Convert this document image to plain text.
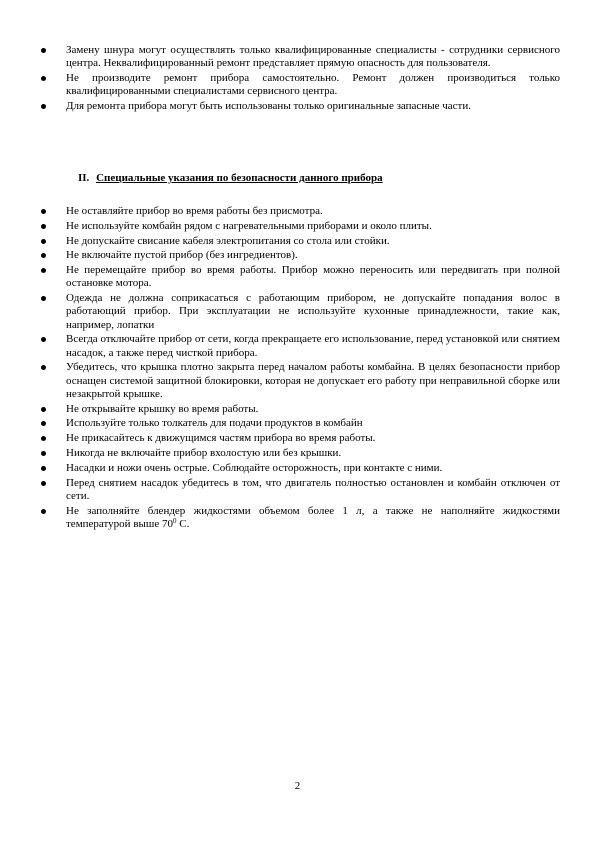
Замену шнура могут осуществлять только квалифицированные специалисты - сотрудники сервисного центра. Неквалифицированный ремонт представляет прямую опасность для пользователя.
Не производите ремонт прибора самостоятельно. Ремонт должен производиться только квалифицированными специалистами сервисного центра.
Для ремонта прибора могут быть использованы только оригинальные запасные части.
II. Специальные указания по безопасности данного прибора
Не оставляйте прибор во время работы без присмотра.
Не используйте комбайн рядом с нагревательными приборами и около плиты.
Не допускайте свисание кабеля электропитания со стола или стойки.
Не включайте пустой прибор (без ингредиентов).
Не перемещайте прибор во время работы. Прибор можно переносить или передвигать при полной остановке мотора.
Одежда не должна соприкасаться с работающим прибором, не допускайте попадания волос в работающий прибор. При эксплуатации не используйте кухонные принадлежности, такие как, например, лопатки
Всегда отключайте прибор от сети, когда прекращаете его использование, перед установкой или снятием насадок, а также перед чисткой прибора.
Убедитесь, что крышка плотно закрыта перед началом работы комбайна. В целях безопасности прибор оснащен системой защитной блокировки, которая не допускает его работу при неправильной сборке или незакрытой крышке.
Не открывайте крышку во время работы.
Используйте только толкатель для подачи продуктов в комбайн
Не прикасайтесь к движущимся частям прибора во время работы.
Никогда не включайте прибор вхолостую или без крышки.
Насадки и ножи очень острые. Соблюдайте осторожность, при контакте с ними.
Перед снятием насадок убедитесь в том, что двигатель полностью остановлен и комбайн отключен от сети.
Не заполняйте блендер жидкостями объемом более 1 л, а также не наполняйте жидкостями температурой выше $70^0$ С.
2
